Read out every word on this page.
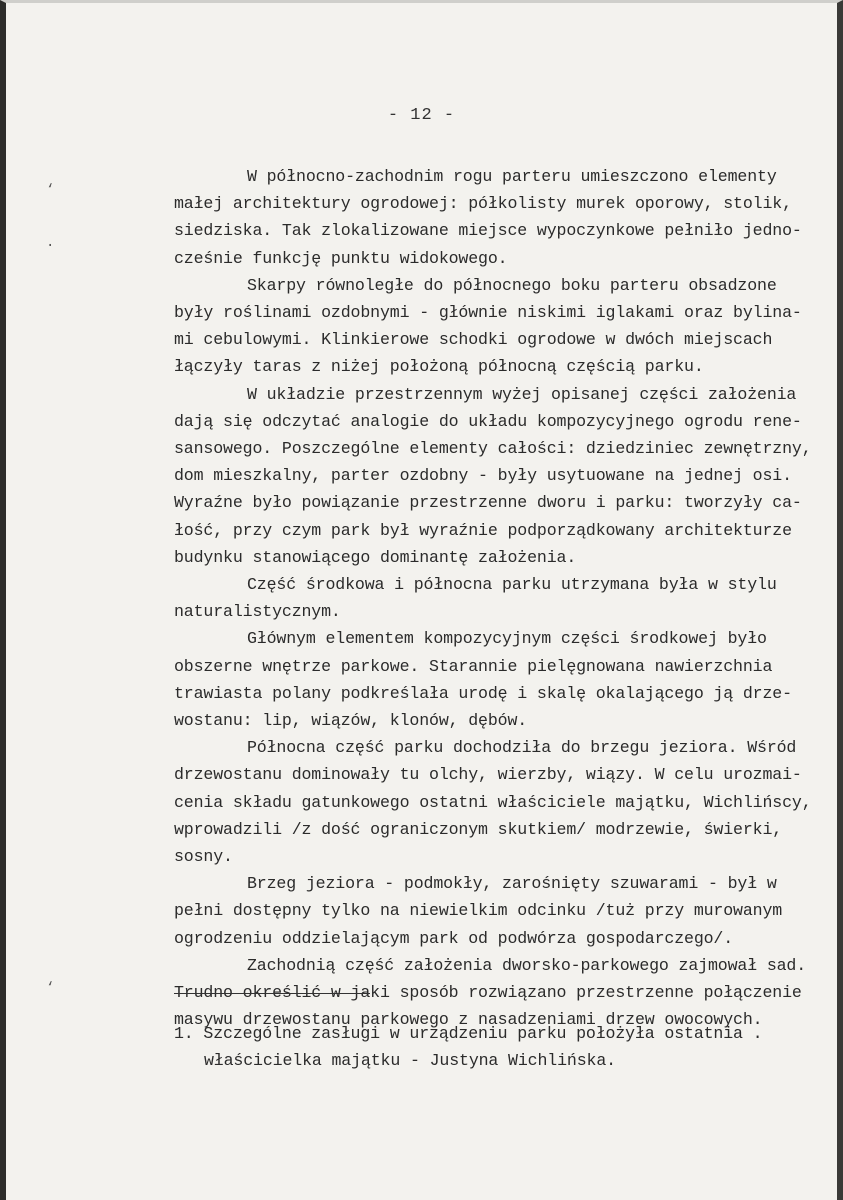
‘
·
‘
- 12 -
W północno-zachodnim rogu parteru umieszczono elementy
małej architektury ogrodowej: półkolisty murek oporowy, stolik,
siedziska. Tak zlokalizowane miejsce wypoczynkowe pełniło jedno-
cześnie funkcję punktu widokowego.
Skarpy równoległe do północnego boku parteru obsadzone
były roślinami ozdobnymi - głównie niskimi iglakami oraz bylina-
mi cebulowymi. Klinkierowe schodki ogrodowe w dwóch miejscach
łączyły taras z niżej położoną północną częścią parku.
W układzie przestrzennym wyżej opisanej części założenia
dają się odczytać analogie do układu kompozycyjnego ogrodu rene-
sansowego. Poszczególne elementy całości: dziedziniec zewnętrzny,
dom mieszkalny, parter ozdobny - były usytuowane na jednej osi.
Wyraźne było powiązanie przestrzenne dworu i parku: tworzyły ca-
łość, przy czym park był wyraźnie podporządkowany architekturze
budynku stanowiącego dominantę założenia.
Część środkowa i północna parku utrzymana była w stylu
naturalistycznym.
Głównym elementem kompozycyjnym części środkowej było
obszerne wnętrze parkowe. Starannie pielęgnowana nawierzchnia
trawiasta polany podkreślała urodę i skalę okalającego ją drze-
wostanu: lip, wiązów, klonów, dębów.
Północna część parku dochodziła do brzegu jeziora. Wśród
drzewostanu dominowały tu olchy, wierzby, wiązy. W celu urozmai-
cenia składu gatunkowego ostatni właściciele majątku, Wichlińscy,
wprowadzili /z dość ograniczonym skutkiem/ modrzewie, świerki,
sosny.
Brzeg jeziora - podmokły, zarośnięty szuwarami - był w
pełni dostępny tylko na niewielkim odcinku /tuż przy murowanym
ogrodzeniu oddzielającym park od podwórza gospodarczego/.
Zachodnią część założenia dworsko-parkowego zajmował sad.
Trudno określić w jaki sposób rozwiązano przestrzenne połączenie
masywu drzewostanu parkowego z nasadzeniami drzew owocowych.
1. Szczególne zasługi w urządzeniu parku położyła ostatnia .
właścicielka majątku - Justyna Wichlińska.
